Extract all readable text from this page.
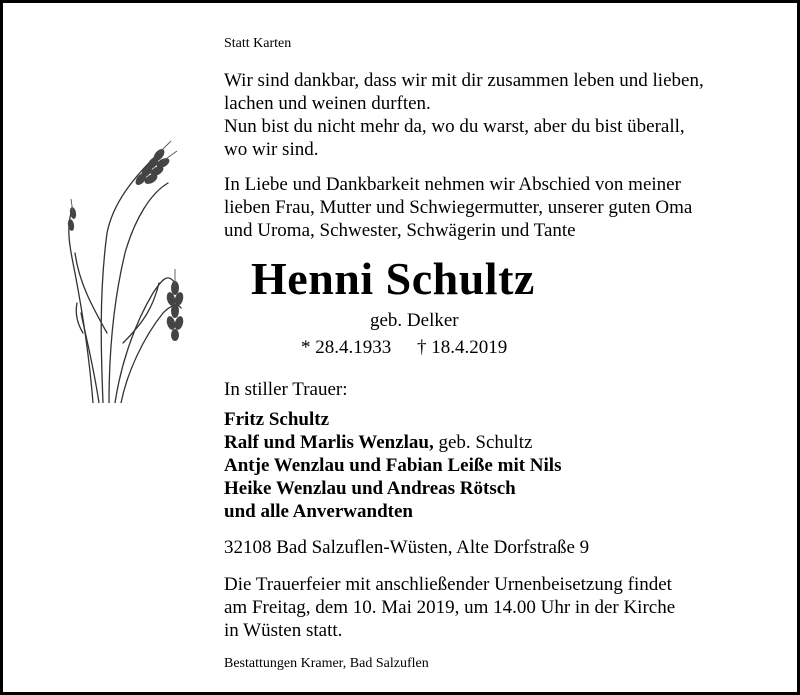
Statt Karten

Wir sind dankbar, dass wir mit dir zusammen leben und lieben,

lachen und weinen durften.

Nun bist du nicht mehr da, wo du warst, aber du bist überall,

wo wir sind.

In Liebe und Dankbarkeit nehmen wir Abschied von meiner

lieben Frau, Mutter und Schwiegermutter, unserer guten Oma

und Uroma, Schwester, Schwägerin und Tante

Henni Schultz

geb. Delker

* 28.4.1933 † 18.4.2019

In stiller Trauer:

Fritz Schultz

Ralf und Marlis Wenzlau, geb. Schultz

Antje Wenzlau und Fabian Leiße mit Nils

Heike Wenzlau und Andreas Rötsch

und alle Anverwandten

32108 Bad Salzuflen-Wüsten, Alte Dorfstraße 9

Die Trauerfeier mit anschließender Urnenbeisetzung findet

am Freitag, dem 10. Mai 2019, um 14.00 Uhr in der Kirche

in Wüsten statt.

Bestattungen Kramer, Bad Salzuflen
